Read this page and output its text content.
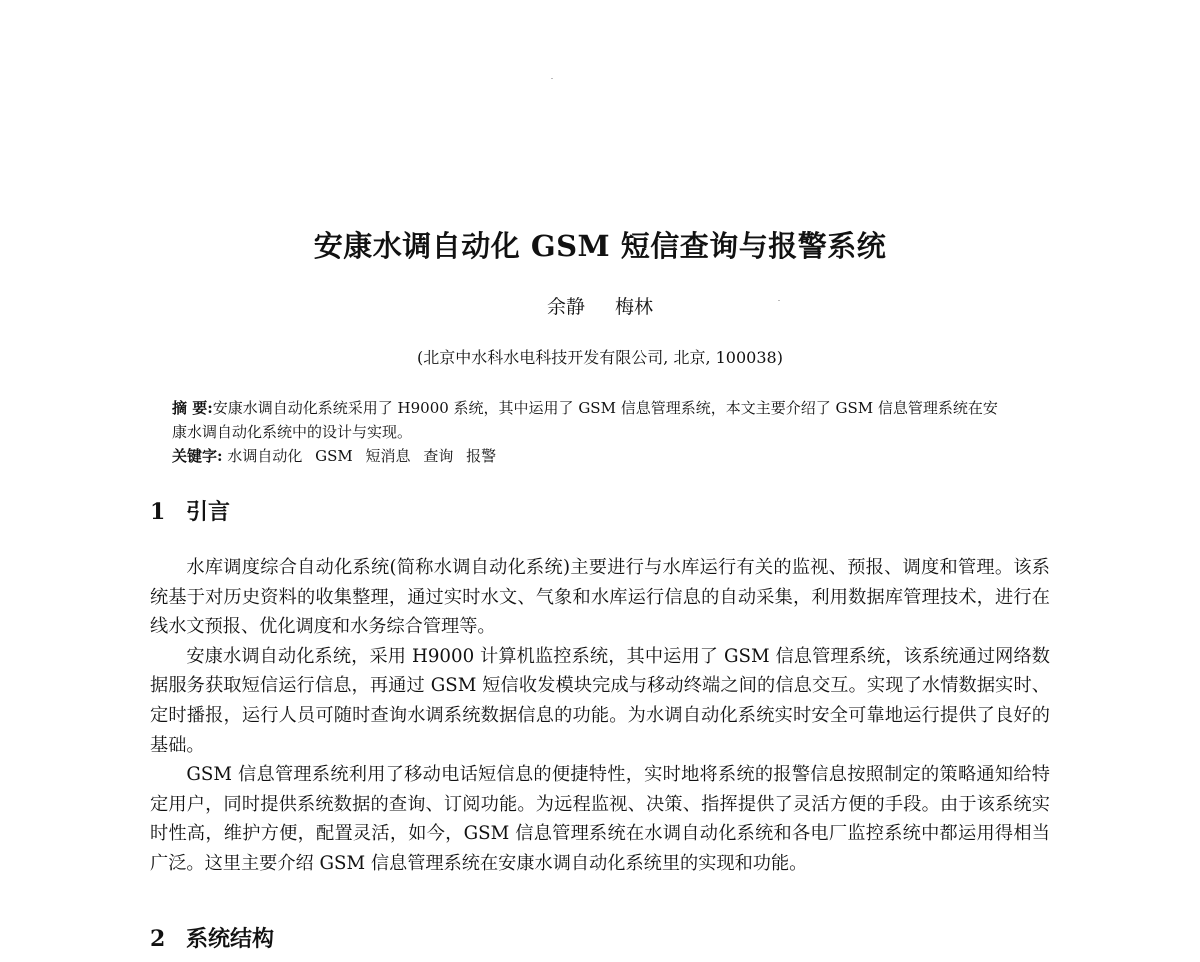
安康水调自动化 GSM 短信查询与报警系统
余静 梅林
(北京中水科水电科技开发有限公司, 北京, 100038)
摘 要:安康水调自动化系统采用了 H9000 系统，其中运用了 GSM 信息管理系统，本文主要介绍了 GSM 信息管理系统在安康水调自动化系统中的设计与实现。
关键字: 水调自动化 GSM 短消息 查询 报警
1 引言

水库调度综合自动化系统(简称水调自动化系统)主要进行与水库运行有关的监视、预报、调度和管理。该系统基于对历史资料的收集整理，通过实时水文、气象和水库运行信息的自动采集，利用数据库管理技术，进行在线水文预报、优化调度和水务综合管理等。

安康水调自动化系统，采用 H9000 计算机监控系统，其中运用了 GSM 信息管理系统，该系统通过网络数据服务获取短信运行信息，再通过 GSM 短信收发模块完成与移动终端之间的信息交互。实现了水情数据实时、定时播报，运行人员可随时查询水调系统数据信息的功能。为水调自动化系统实时安全可靠地运行提供了良好的基础。

GSM 信息管理系统利用了移动电话短信息的便捷特性，实时地将系统的报警信息按照制定的策略通知给特定用户，同时提供系统数据的查询、订阅功能。为远程监视、决策、指挥提供了灵活方便的手段。由于该系统实时性高，维护方便，配置灵活，如今，GSM 信息管理系统在水调自动化系统和各电厂监控系统中都运用得相当广泛。这里主要介绍 GSM 信息管理系统在安康水调自动化系统里的实现和功能。

2 系统结构
